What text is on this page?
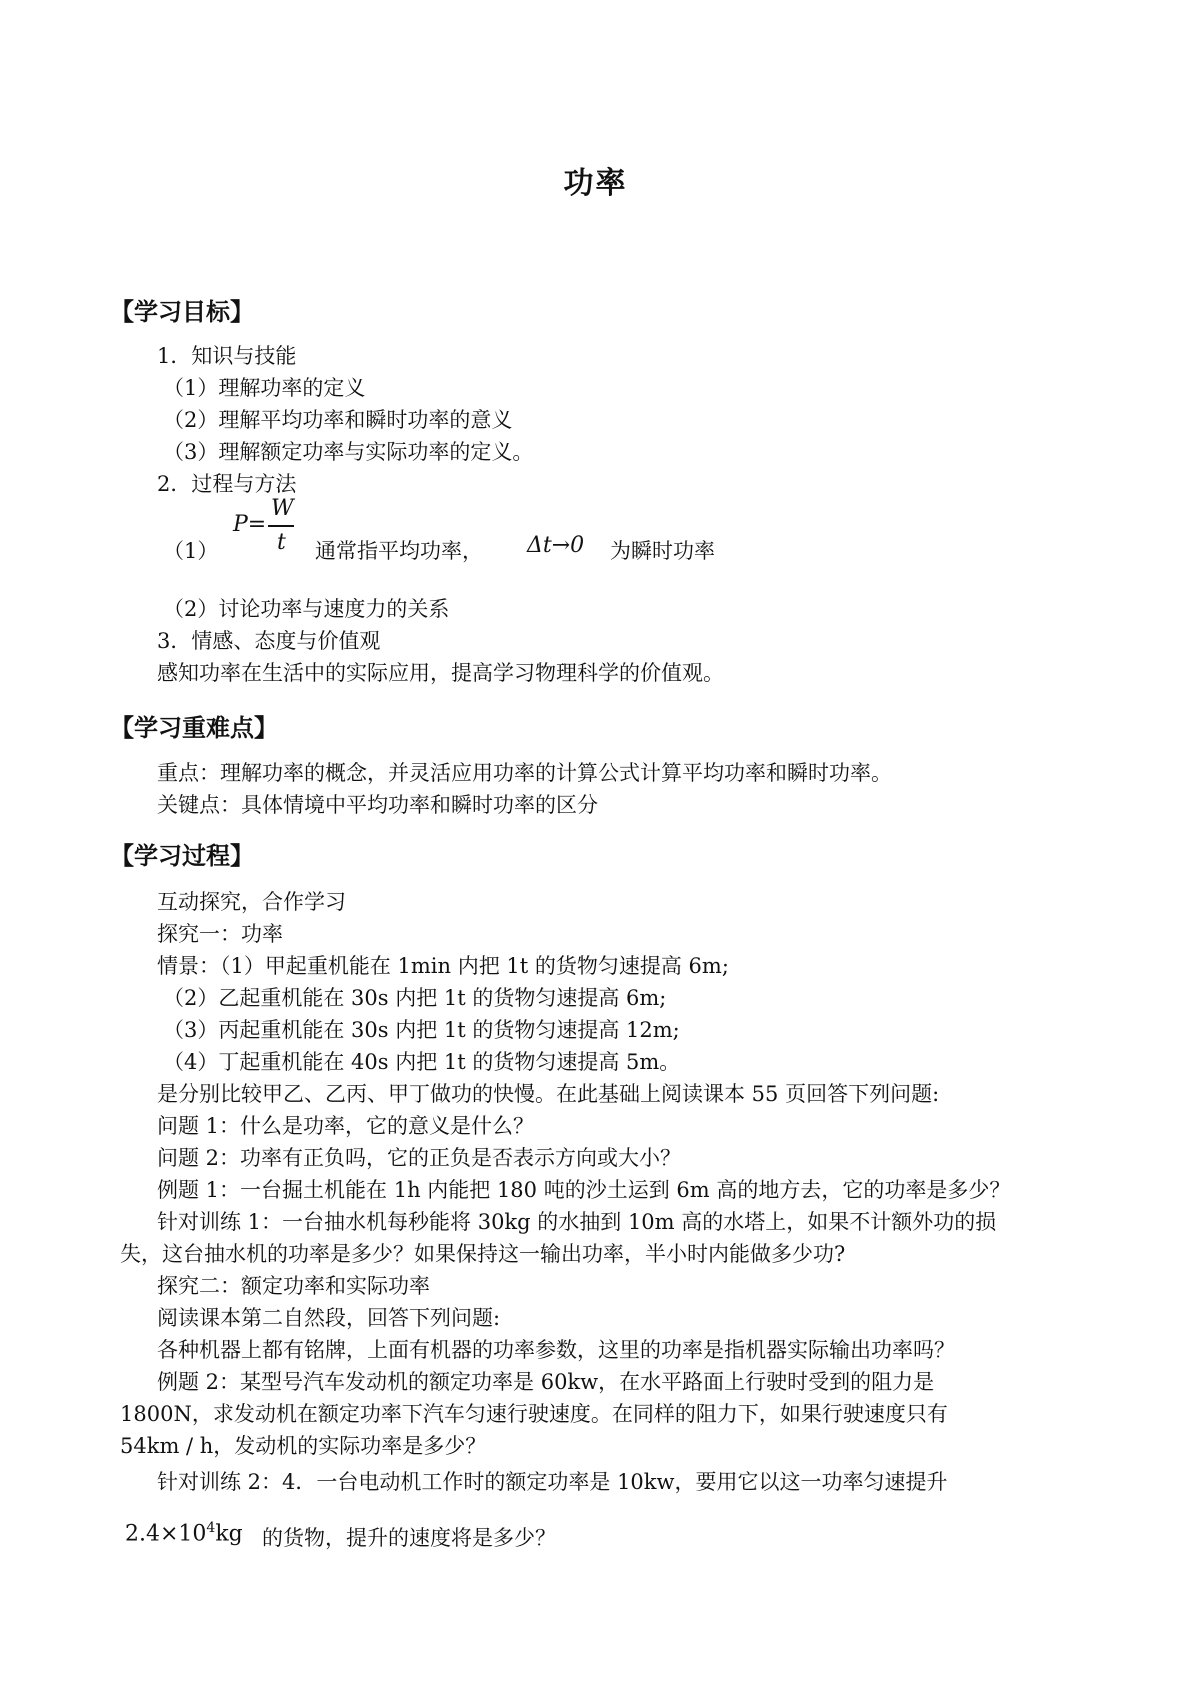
功率
【学习目标】
1．知识与技能
（1）理解功率的定义
（2）理解平均功率和瞬时功率的意义
（3）理解额定功率与实际功率的定义。
2．过程与方法
（1）
P=
W
t 通常指平均功率， Δt→0 为瞬时功率
（2）讨论功率与速度力的关系
3．情感、态度与价值观
感知功率在生活中的实际应用，提高学习物理科学的价值观。
【学习重难点】
重点：理解功率的概念，并灵活应用功率的计算公式计算平均功率和瞬时功率。
关键点：具体情境中平均功率和瞬时功率的区分
【学习过程】
互动探究，合作学习
探究一：功率
情景：（1）甲起重机能在 1min 内把 1t 的货物匀速提高 6m;
（2）乙起重机能在 30s 内把 1t 的货物匀速提高 6m;
（3）丙起重机能在 30s 内把 1t 的货物匀速提高 12m;
（4）丁起重机能在 40s 内把 1t 的货物匀速提高 5m。
是分别比较甲乙、乙丙、甲丁做功的快慢。在此基础上阅读课本 55 页回答下列问题:
问题 1：什么是功率，它的意义是什么？
问题 2：功率有正负吗，它的正负是否表示方向或大小？
例题 1：一台掘土机能在 1h 内能把 180 吨的沙土运到 6m 高的地方去，它的功率是多少？
针对训练 1：一台抽水机每秒能将 30kg 的水抽到 10m 高的水塔上，如果不计额外功的损
失，这台抽水机的功率是多少？如果保持这一输出功率，半小时内能做多少功?
探究二：额定功率和实际功率
阅读课本第二自然段，回答下列问题:
各种机器上都有铭牌，上面有机器的功率参数，这里的功率是指机器实际输出功率吗？
例题 2：某型号汽车发动机的额定功率是 60kw，在水平路面上行驶时受到的阻力是
1800N，求发动机在额定功率下汽车匀速行驶速度。在同样的阻力下，如果行驶速度只有
54km / h，发动机的实际功率是多少？
针对训练 2：4．一台电动机工作时的额定功率是 10kw，要用它以这一功率匀速提升
$2.4\times 10^4kg$ 的货物，提升的速度将是多少？
